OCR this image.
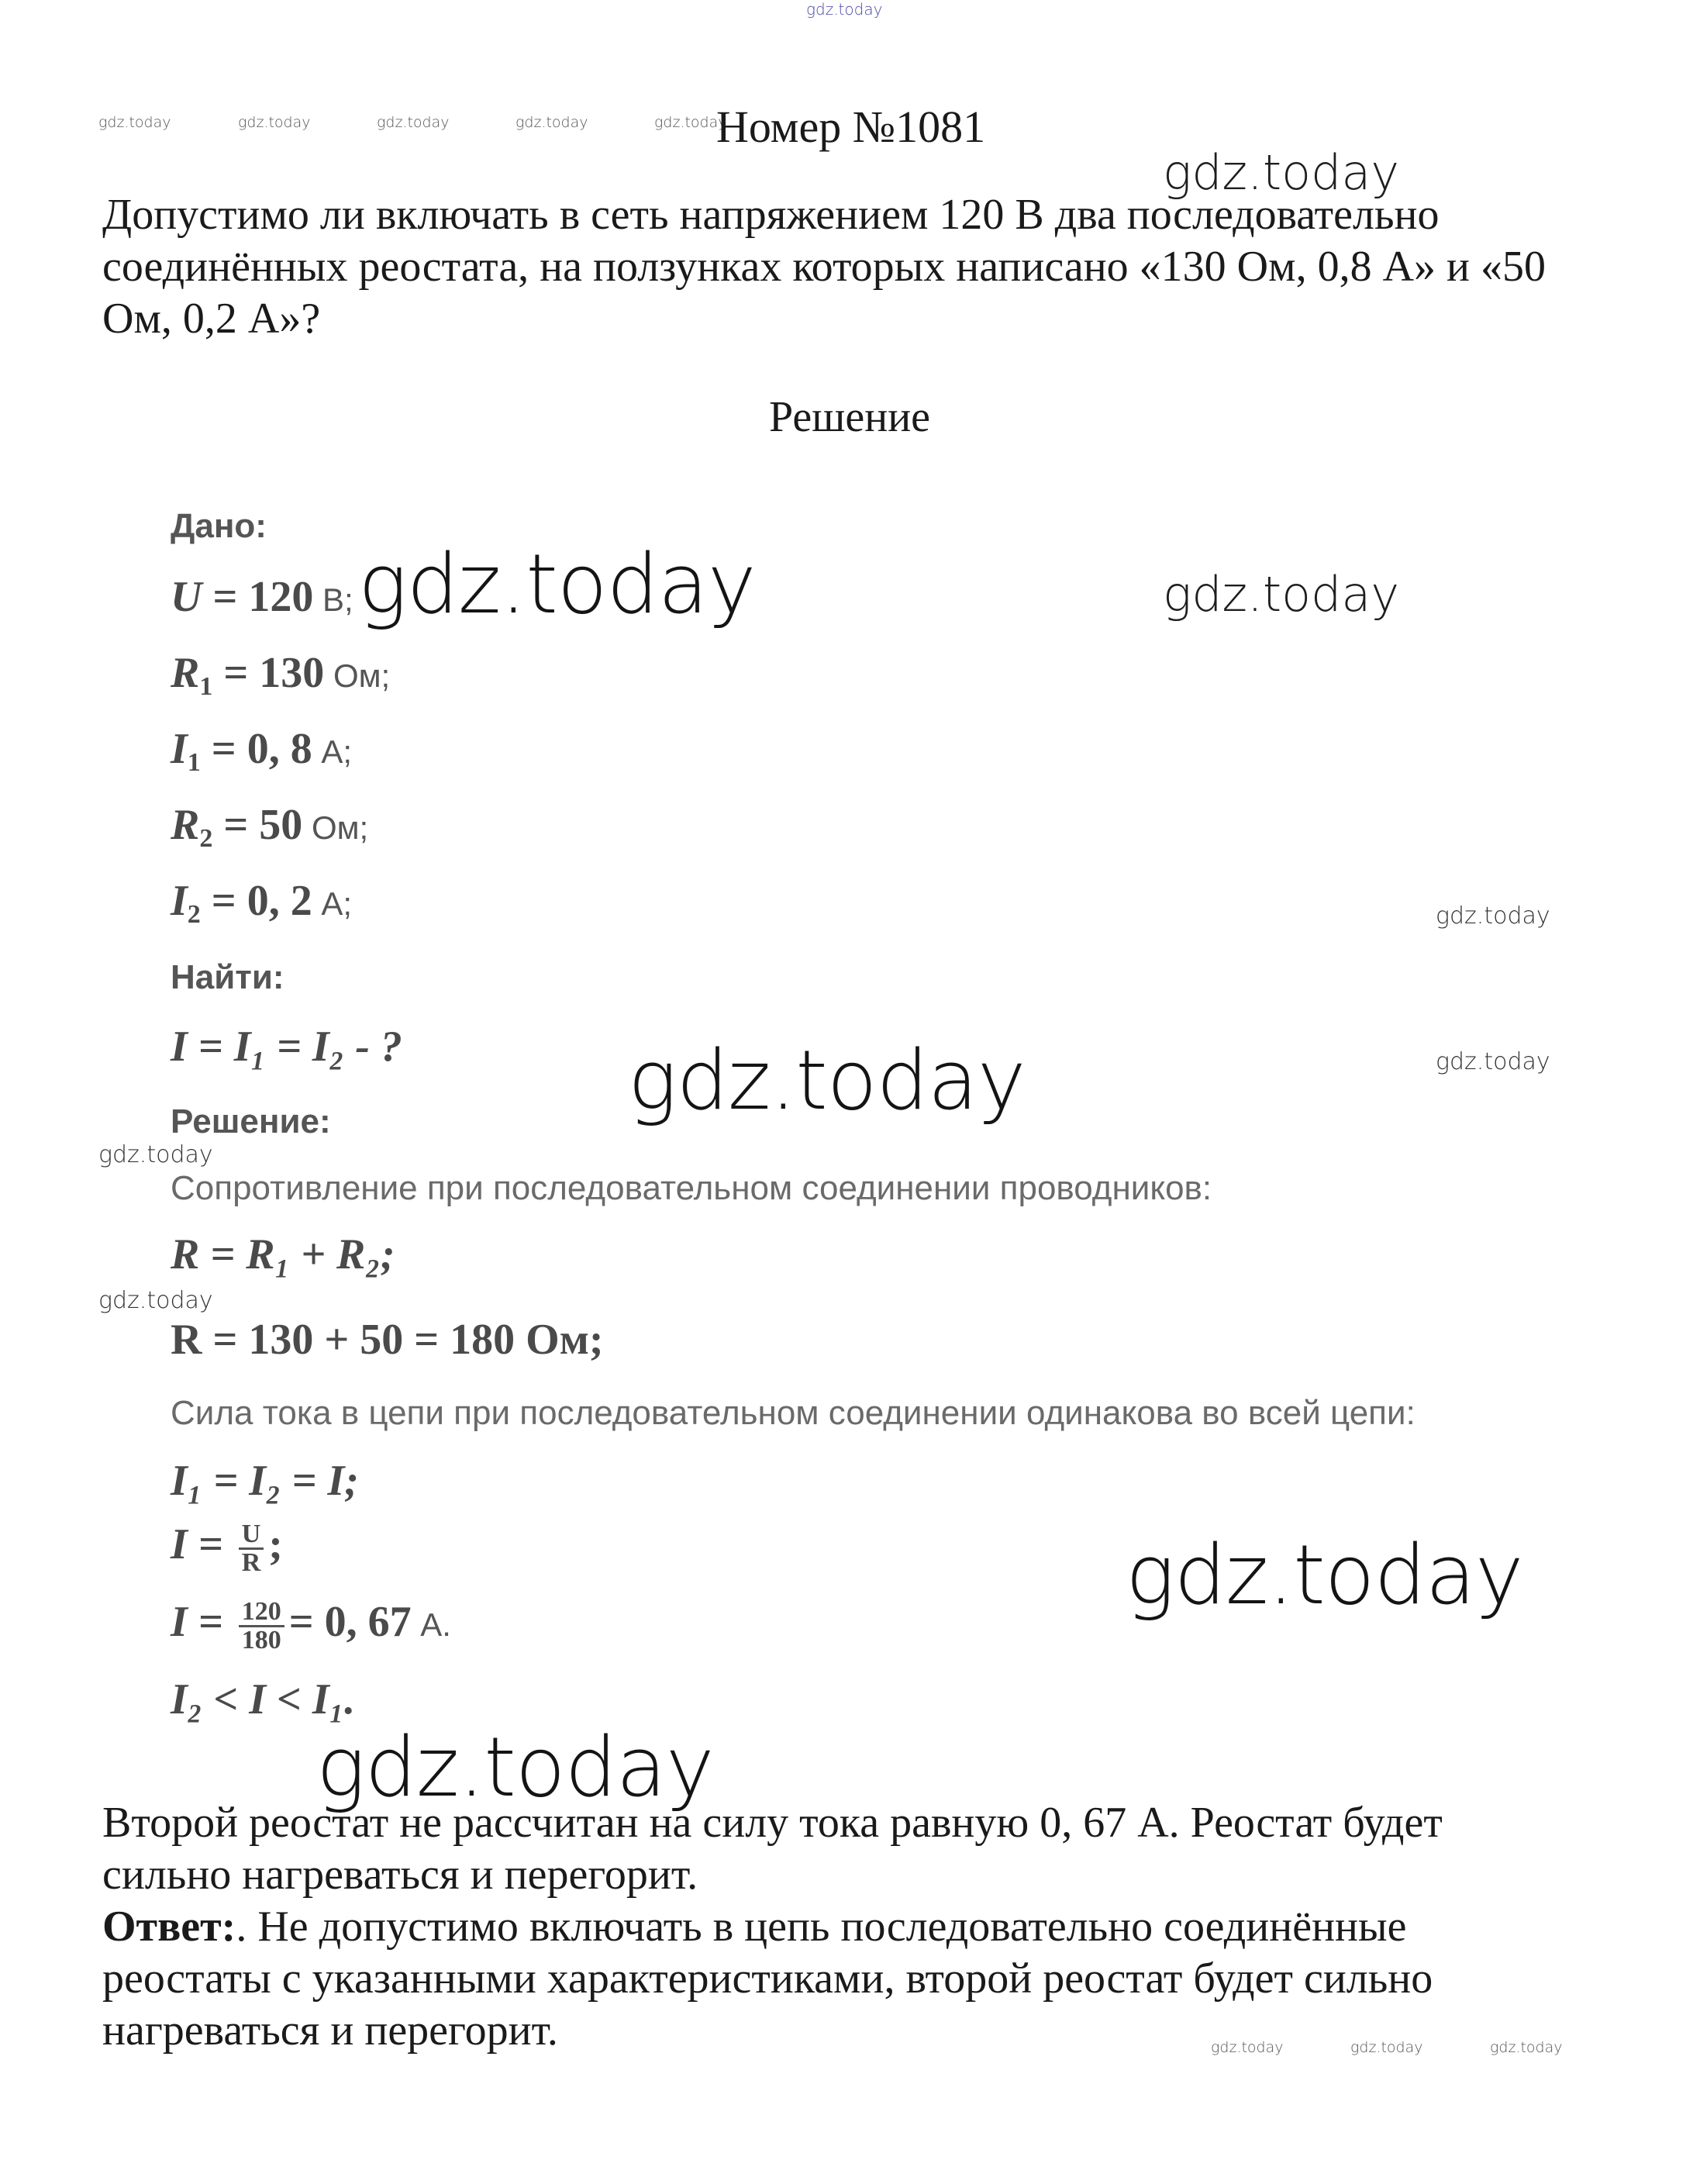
gdz.today
gdz.today	gdz.today	gdz.today	gdz.today	gdz.today
gdz.today
gdz.today	gdz.today
gdz.today
gdz.today	gdz.today
gdz.today
gdz.today
gdz.today
gdz.today
gdz.today	gdz.today	gdz.today
Номер №1081
Допустимо ли включать в сеть напряжением 120 В два последовательно соединённых реостата, на ползунках которых написано «130 Ом, 0,8 А» и «50 Ом, 0,2 А»?
Решение
Дано:
U = 120 В;
$R_1 = 130$ Ом;
$I_1 = 0$, 8 А;
$R_2 = 50$ Ом;
$I_2 = 0$, 2 А;
Найти:
I = I₁ = I₂ - ?
Решение:
Сопротивление при последовательном соединении проводников:
R = R₁ + R₂;
R = 130 + 50 = 180 Ом;
Сила тока в цепи при последовательном соединении одинакова во всей цепи:
I₁ = I₂ = I;
$I = \frac{U}{R}$ ;
$I = \frac{120}{180} = 0$, 67 А.
I₂ < I < I₁.
Второй реостат не рассчитан на силу тока равную 0, 67 А. Реостат будет сильно нагреваться и перегорит.
Ответ:. Не допустимо включать в цепь последовательно соединённые реостаты с указанными характеристиками, второй реостат будет сильно нагреваться и перегорит.
